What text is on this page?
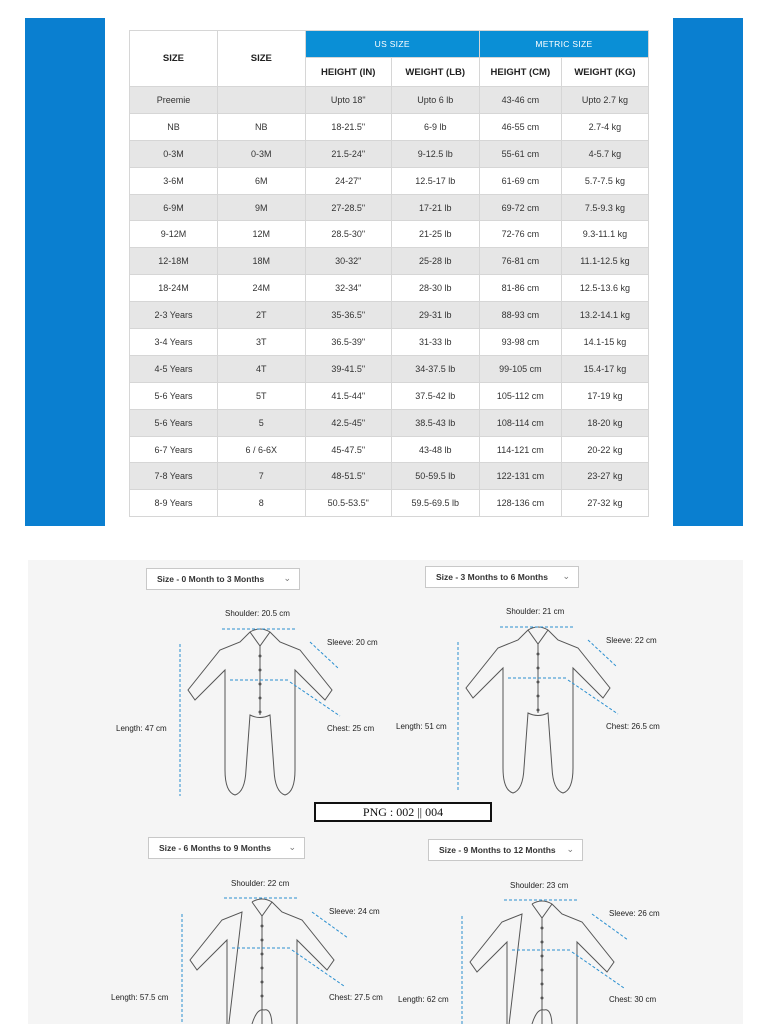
SIZE	SIZE	US SIZE		METRIC SIZE	
		HEIGHT (IN)	WEIGHT (LB)	HEIGHT (CM)	WEIGHT (KG)
Preemie		Upto 18"	Upto 6 lb	43-46 cm	Upto 2.7 kg
NB	NB	18-21.5"	6-9 lb	46-55 cm	2.7-4 kg
0-3M	0-3M	21.5-24"	9-12.5 lb	55-61 cm	4-5.7 kg
3-6M	6M	24-27"	12.5-17 lb	61-69 cm	5.7-7.5 kg
6-9M	9M	27-28.5"	17-21 lb	69-72 cm	7.5-9.3 kg
9-12M	12M	28.5-30"	21-25 lb	72-76 cm	9.3-11.1 kg
12-18M	18M	30-32"	25-28 lb	76-81 cm	11.1-12.5 kg
18-24M	24M	32-34"	28-30 lb	81-86 cm	12.5-13.6 kg
2-3 Years	2T	35-36.5"	29-31 lb	88-93 cm	13.2-14.1 kg
3-4 Years	3T	36.5-39"	31-33 lb	93-98 cm	14.1-15 kg
4-5 Years	4T	39-41.5"	34-37.5 lb	99-105 cm	15.4-17 kg
5-6 Years	5T	41.5-44"	37.5-42 lb	105-112 cm	17-19 kg
5-6 Years	5	42.5-45"	38.5-43 lb	108-114 cm	18-20 kg
6-7 Years	6 / 6-6X	45-47.5"	43-48 lb	114-121 cm	20-22 kg
7-8 Years	7	48-51.5"	50-59.5 lb	122-131 cm	23-27 kg
8-9 Years	8	50.5-53.5"	59.5-69.5 lb	128-136 cm	27-32 kg
Size - 0 Month to 3 Months ⌄
Shoulder: 20.5 cm
Sleeve: 20 cm
Chest: 25 cm
Length: 47 cm
Size - 3 Months to 6 Months ⌄
Shoulder: 21 cm
Sleeve: 22 cm
Chest: 26.5 cm
Length: 51 cm
PNG : 002 || 004
Size - 6 Months to 9 Months ⌄
Shoulder: 22 cm
Sleeve: 24 cm
Chest: 27.5 cm
Length: 57.5 cm
Size - 9 Months to 12 Months ⌄
Shoulder: 23 cm
Sleeve: 26 cm
Chest: 30 cm
Length: 62 cm
